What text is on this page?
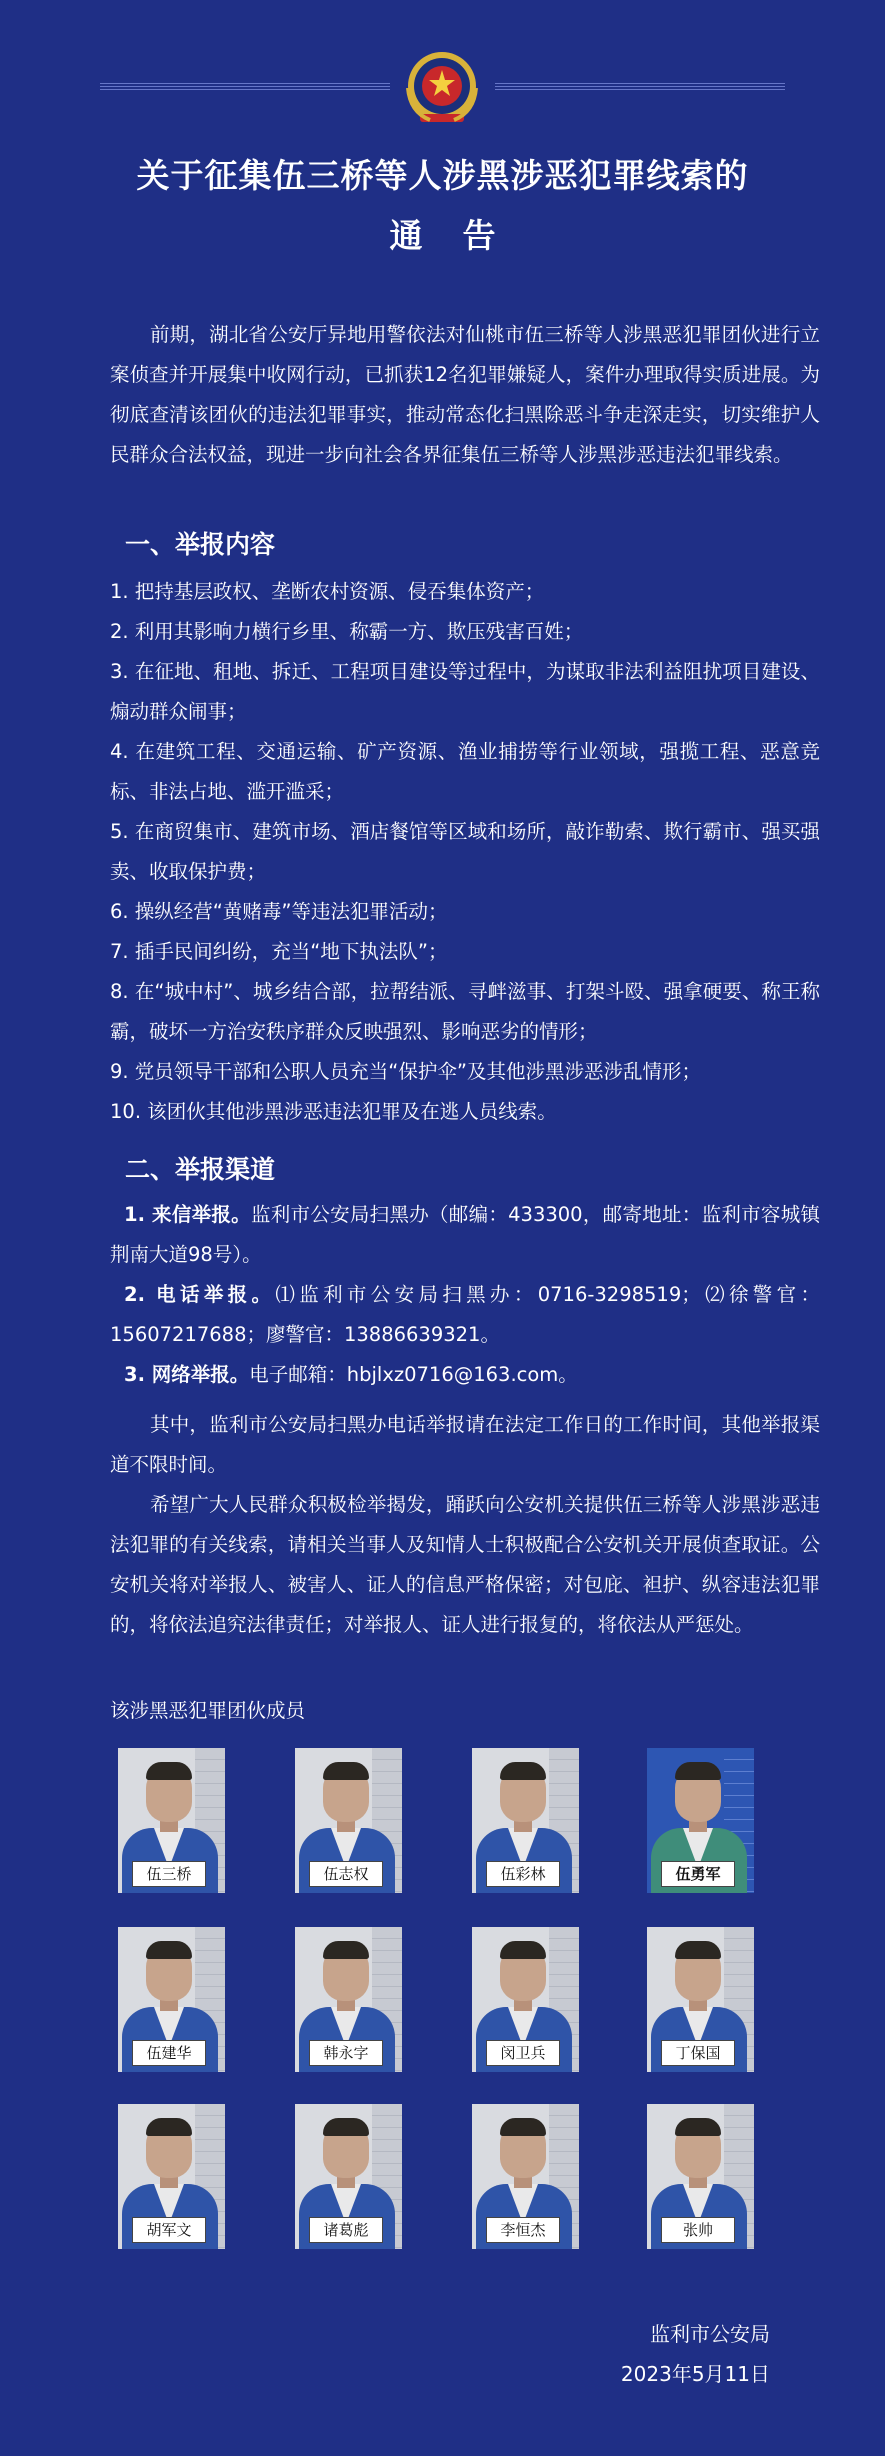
关于征集伍三桥等人涉黑涉恶犯罪线索的
通告
前期，湖北省公安厅异地用警依法对仙桃市伍三桥等人涉黑恶犯罪团伙进行立案侦查并开展集中收网行动，已抓获12名犯罪嫌疑人，案件办理取得实质进展。为彻底查清该团伙的违法犯罪事实，推动常态化扫黑除恶斗争走深走实，切实维护人民群众合法权益，现进一步向社会各界征集伍三桥等人涉黑涉恶违法犯罪线索。
一、举报内容
1. 把持基层政权、垄断农村资源、侵吞集体资产；
2. 利用其影响力横行乡里、称霸一方、欺压残害百姓；
3. 在征地、租地、拆迁、工程项目建设等过程中，为谋取非法利益阻扰项目建设、煽动群众闹事；
4. 在建筑工程、交通运输、矿产资源、渔业捕捞等行业领域，强揽工程、恶意竞标、非法占地、滥开滥采；
5. 在商贸集市、建筑市场、酒店餐馆等区域和场所，敲诈勒索、欺行霸市、强买强卖、收取保护费；
6. 操纵经营“黄赌毒”等违法犯罪活动；
7. 插手民间纠纷，充当“地下执法队”；
8. 在“城中村”、城乡结合部，拉帮结派、寻衅滋事、打架斗殴、强拿硬要、称王称霸，破坏一方治安秩序群众反映强烈、影响恶劣的情形；
9. 党员领导干部和公职人员充当“保护伞”及其他涉黑涉恶涉乱情形；
10. 该团伙其他涉黑涉恶违法犯罪及在逃人员线索。
二、举报渠道
1. 来信举报。监利市公安局扫黑办（邮编：433300，邮寄地址：监利市容城镇荆南大道98号）。
2. 电话举报。⑴监利市公安局扫黑办：0716-3298519；⑵徐警官：15607217688；廖警官：13886639321。
3. 网络举报。电子邮箱：hbjlxz0716@163.com。
其中，监利市公安局扫黑办电话举报请在法定工作日的工作时间，其他举报渠道不限时间。
希望广大人民群众积极检举揭发，踊跃向公安机关提供伍三桥等人涉黑涉恶违法犯罪的有关线索，请相关当事人及知情人士积极配合公安机关开展侦查取证。公安机关将对举报人、被害人、证人的信息严格保密；对包庇、袒护、纵容违法犯罪的，将依法追究法律责任；对举报人、证人进行报复的，将依法从严惩处。
该涉黑恶犯罪团伙成员
伍三桥	伍志权	伍彩林	伍勇军
伍建华	韩永字	闵卫兵	丁保国
胡军文	诸葛彪	李恒杰	张帅
监利市公安局
2023年5月11日
